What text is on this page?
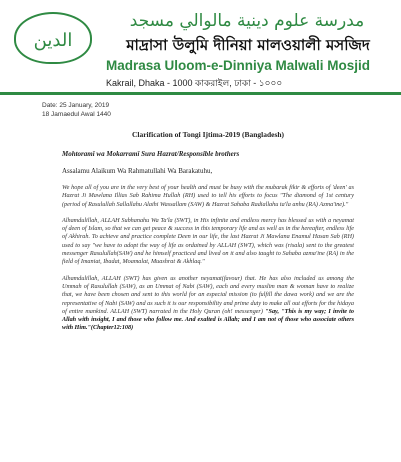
الدين
مدرسة علوم دينية مالوالي مسجد
মাদ্রাসা উলুমি দীনিয়া মালওয়ালী মসজিদ
Madrasa Uloom-e-Dinniya Malwali Mosjid
Kakrail, Dhaka - 1000 কাকরাইল, ঢাকা - ১০০০
Date: 25 January, 2019
18 Jamaedul Awal 1440
Clarification of Tongi Ijtima-2019 (Bangladesh)
Mohtoramī wa Mokarramī Sura Hazrat/Responsible brothers
Assalamu Alaikum Wa Rahmatullahi Wa Barakatuhu,

We hope all of you are in the very best of your health and must be busy with the mubarak fikir & efforts of 'deen' as Hazrat Ji Mawlana Illias Sab Rahima Hullah (RH) used to tell his efforts to focus "The diamond of 1st century (period of Rasulullah Sallallahu Alaihi Wassallam (SAW) & Hazrat Sahaba Radiallahu ta'la anhu (RA) Azma'ine)."

Alhamdulillah, ALLAH Subhanahu Wa Ta'la (SWT), in His infinite and endless mercy has blessed us with a neyamat of deen of Islam, so that we can get peace & success in this temporary life and as well as in the hereafter, endless life of Akhirah. To achieve and practice complete Deen in our life, the last Hazrat Ji Mawlana Enamul Hasan Sab (RH) used to say "we have to adopt the way of life as ordained by ALLAH (SWT), which was (risala) sent to the greatest messenger Rasulullah(SAW) and he himself practiced and lived on it and also taught to Sahaba azma'ine (RA) in the field of Imaniat, Ibadat, Moamalat, Muashrat & Akhlaq."

Alhamdulillah, ALLAH (SWT) has given us another neyamat(favour) that. He has also included us among the Ummah of Rasulullah (SAW), as an Ummat of Nabi (SAW), each and every muslim man & woman have to realize that, we have been chosen and sent to this world for an especial mission (to fulfill the dawa work) and we are the representative of Nabi (SAW) and as such it is our responsibility and prime duty to make all out efforts for the hidaya of entire mankind. ALLAH (SWT) narrated in the Holy Quran (oh! messenger) "Say, "This is my way; I invite to Allah with insight, I and those who follow me. And exalted is Allah; and I am not of those who associate others with Him."(Chapter12:108)
